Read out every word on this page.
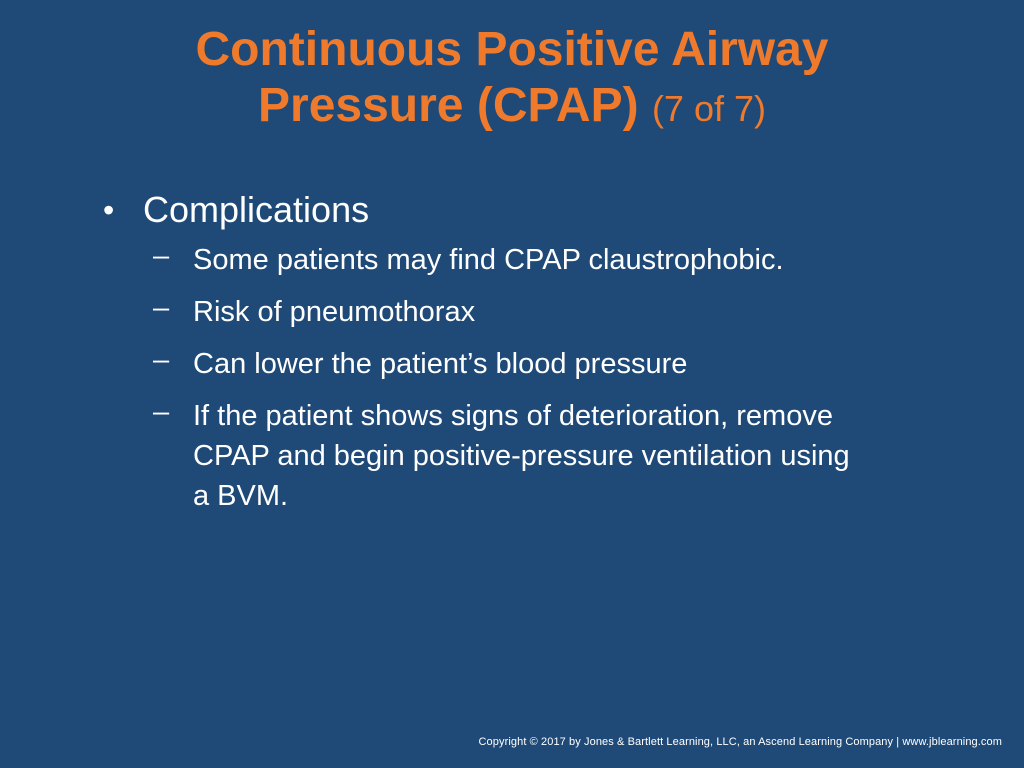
Continuous Positive Airway
Pressure (CPAP) (7 of 7)
• Complications
– Some patients may find CPAP claustrophobic.
– Risk of pneumothorax
– Can lower the patient’s blood pressure
– If the patient shows signs of deterioration, remove CPAP and begin positive-pressure ventilation using a BVM.
Copyright © 2017 by Jones & Bartlett Learning, LLC, an Ascend Learning Company | www.jblearning.com
